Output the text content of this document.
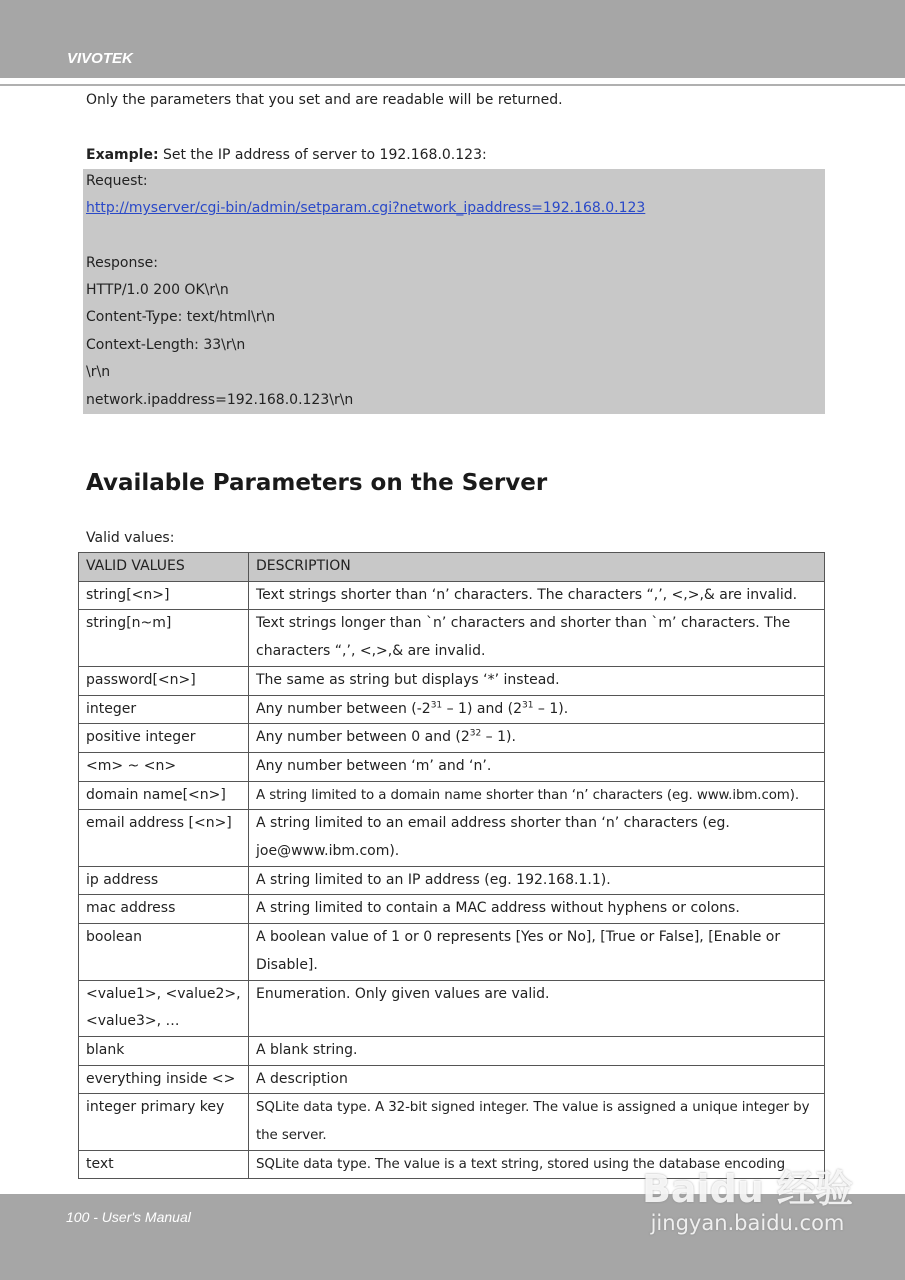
VIVOTEK
Only the parameters that you set and are readable will be returned.
Example: Set the IP address of server to 192.168.0.123:
Request:
http://myserver/cgi-bin/admin/setparam.cgi?network_ipaddress=192.168.0.123
Response:
HTTP/1.0 200 OK\r\n
Content-Type: text/html\r\n
Context-Length: 33\r\n
\r\n
network.ipaddress=192.168.0.123\r\n
Available Parameters on the Server
Valid values:
VALID VALUES	DESCRIPTION
string[<n>]	Text strings shorter than ‘n’ characters. The characters “,’, <,>,& are invalid.
string[n~m]	Text strings longer than `n’ characters and shorter than `m’ characters. The characters “,’, <,>,& are invalid.
password[<n>]	The same as string but displays ‘*’ instead.
integer	Any number between $(-2^{31} - 1)$ and $(2^{31} - 1)$.
positive integer	Any number between 0 and $(2^{32} - 1)$.
<m> ~ <n>	Any number between ‘m’ and ‘n’.
domain name[<n>]	A string limited to a domain name shorter than ‘n’ characters (eg. www.ibm.com).
email address [<n>]	A string limited to an email address shorter than ‘n’ characters (eg. joe@www.ibm.com).
ip address	A string limited to an IP address (eg. 192.168.1.1).
mac address	A string limited to contain a MAC address without hyphens or colons.
boolean	A boolean value of 1 or 0 represents [Yes or No], [True or False], [Enable or Disable].
<value1>, <value2>, <value3>, …	Enumeration. Only given values are valid.
blank	A blank string.
everything inside <>	A description
integer primary key	SQLite data type. A 32-bit signed integer. The value is assigned a unique integer by the server.
text	SQLite data type. The value is a text string, stored using the database encoding
100 - User's Manual
Baidu 经验
jingyan.baidu.com
